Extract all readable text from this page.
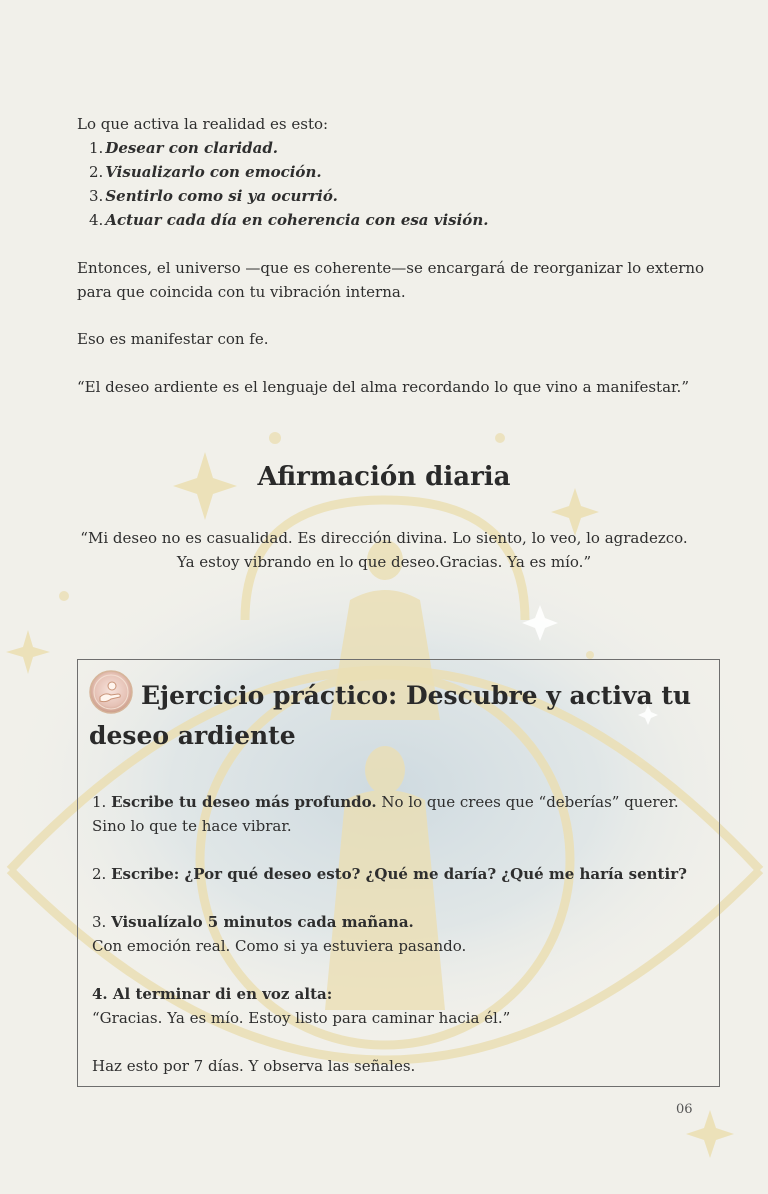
Lo que activa la realidad es esto:

1. Desear con claridad.
2. Visualizarlo con emoción.
3. Sentirlo como si ya ocurrió.
4. Actuar cada día en coherencia con esa visión.

Entonces, el universo —que es coherente—se encargará de reorganizar lo externo para que coincida con tu vibración interna.

Eso es manifestar con fe.

“El deseo ardiente es el lenguaje del alma recordando lo que vino a manifestar.”

Afirmación diaria

“Mi deseo no es casualidad. Es dirección divina. Lo siento, lo veo, lo agradezco.
Ya estoy vibrando en lo que deseo.Gracias. Ya es mío.”

Ejercicio práctico: Descubre y activa tu deseo ardiente

1. Escribe tu deseo más profundo. No lo que crees que “deberías” querer. Sino lo que te hace vibrar.

2. Escribe: ¿Por qué deseo esto? ¿Qué me daría? ¿Qué me haría sentir?

3. Visualízalo 5 minutos cada mañana.
Con emoción real. Como si ya estuviera pasando.

4. Al terminar di en voz alta:
“Gracias. Ya es mío. Estoy listo para caminar hacia él.”

Haz esto por 7 días. Y observa las señales.

06
